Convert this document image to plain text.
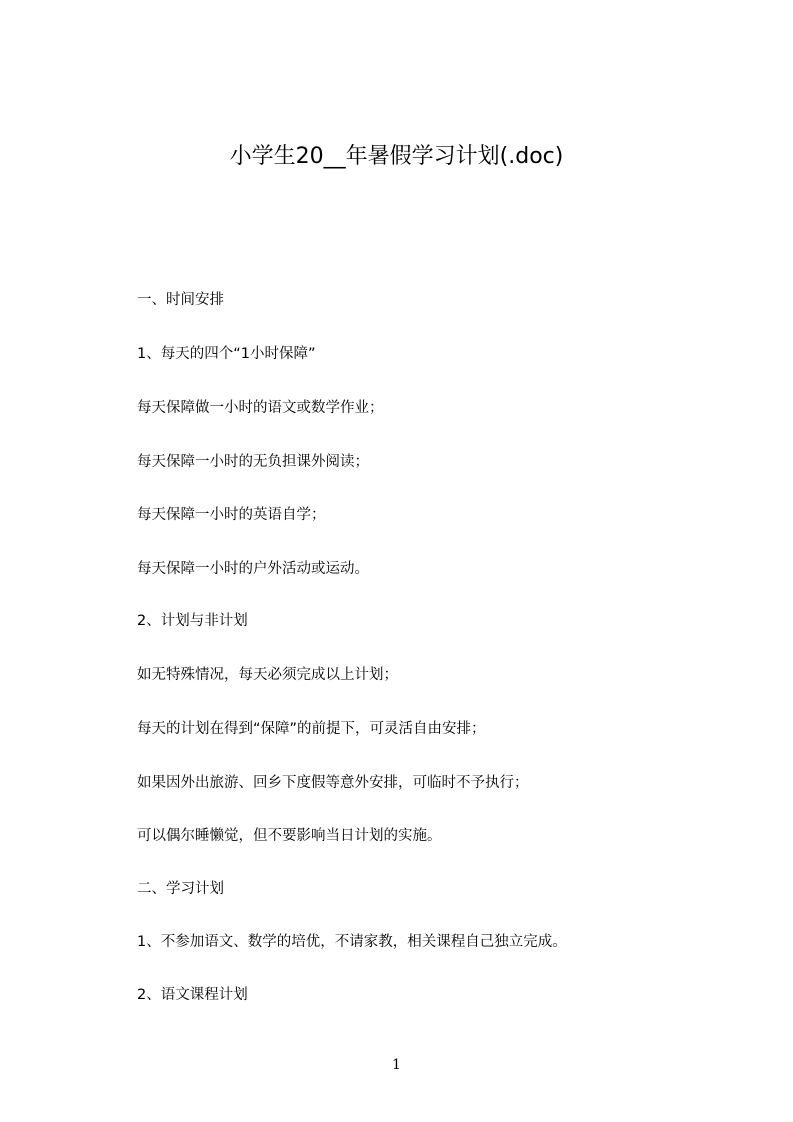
小学生20__年暑假学习计划(.doc)
一、时间安排
1、每天的四个“1小时保障”
每天保障做一小时的语文或数学作业；
每天保障一小时的无负担课外阅读；
每天保障一小时的英语自学；
每天保障一小时的户外活动或运动。
2、计划与非计划
如无特殊情况，每天必须完成以上计划；
每天的计划在得到“保障”的前提下，可灵活自由安排；
如果因外出旅游、回乡下度假等意外安排，可临时不予执行；
可以偶尔睡懒觉，但不要影响当日计划的实施。
二、学习计划
1、不参加语文、数学的培优，不请家教，相关课程自己独立完成。
2、语文课程计划
1
